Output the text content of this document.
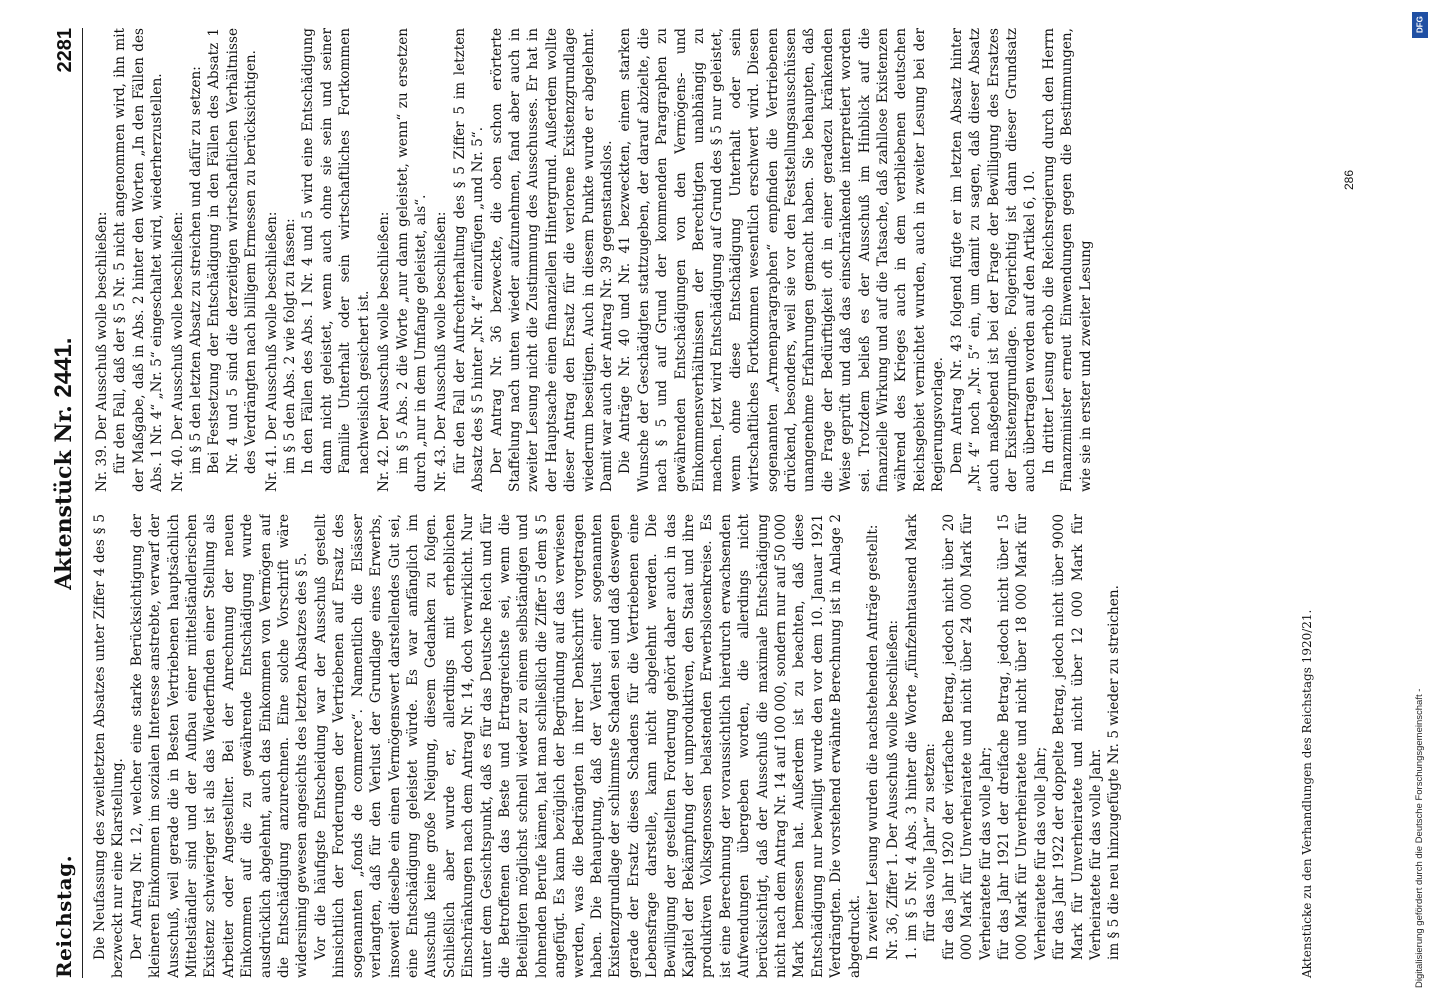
Reichstag.
Aktenstück Nr. 2441.
2281

Die Neufassung des zweitletzten Absatzes unter Ziffer 4 des § 5 bezweckt nur eine Klarstellung. Der Antrag Nr. 12, welcher eine starke Berücksichtigung der kleineren Einkommen im sozialen Interesse anstrebte, verwarf der Ausschuß, weil gerade die in Besten Vertriebenen hauptsächlich Mittelständler sind und der Aufbau einer mittelständlerischen Existenz schwieriger ist als das Wiederfinden einer Stellung als Arbeiter oder Angestellter. Bei der Anrechnung der neuen Einkommen auf die zu gewährende Entschädigung wurde ausdrücklich abgelehnt, auch das Einkommen von Vermögen auf die Entschädigung anzurechnen. Eine solche Vorschrift wäre widersinnig gewesen angesichts des letzten Absatzes des § 5. Vor die häufigste Entscheidung war der Ausschuß gestellt hinsichtlich der Forderungen der Vertriebenen auf Ersatz des sogenannten „fonds de commerce“. Namentlich die Elsässer verlangten, daß für den Verlust der Grundlage eines Erwerbs, insoweit dieselbe ein einen Vermögenswert darstellendes Gut sei, eine Entschädigung geleistet würde. Es war anfänglich im Ausschuß keine große Neigung, diesem Gedanken zu folgen. Schließlich aber wurde er, allerdings mit erheblichen Einschränkungen nach dem Antrag Nr. 14, doch verwirklicht. Nur unter dem Gesichtspunkt, daß es für das Deutsche Reich und für die Betroffenen das Beste und Ertragreichste sei, wenn die Beteiligten möglichst schnell wieder zu einem selbständigen und lohnenden Berufe kämen, hat man schließlich die Ziffer 5 dem § 5 angefügt. Es kann bezüglich der Begründung auf das verwiesen werden, was die Bedrängten in ihrer Denkschrift vorgetragen haben. Die Behauptung, daß der Verlust einer sogenannten Existenzgrundlage der schlimmste Schaden sei und daß deswegen gerade der Ersatz dieses Schadens für die Vertriebenen eine Lebensfrage darstelle, kann nicht abgelehnt werden. Die Bewilligung der gestellten Forderung gehört daher auch in das Kapitel der Bekämpfung der unproduktiven, den Staat und ihre produktiven Volksgenossen belastenden Erwerbslosenkreise. Es ist eine Berechnung der voraussichtlich hierdurch erwachsenden Aufwendungen übergeben worden, die allerdings nicht berücksichtigt, daß der Ausschuß die maximale Entschädigung nicht nach dem Antrag Nr. 14 auf 100 000, sondern nur auf 50 000 Mark bemessen hat. Außerdem ist zu beachten, daß diese Entschädigung nur bewilligt wurde den vor dem 10. Januar 1921 Verdrängten. Die vorstehend erwähnte Berechnung ist in Anlage 2 abgedruckt. In zweiter Lesung wurden die nachstehenden Anträge gestellt: Nr. 36, Ziffer 1. Der Ausschuß wolle beschließen: 1. im § 5 Nr. 4 Abs. 3 hinter die Worte „fünfzehntausend Mark für das volle Jahr“ zu setzen: für das Jahr 1920 der vierfache Betrag, jedoch nicht über 20 000 Mark für Unverheiratete und nicht über 24 000 Mark für Verheiratete für das volle Jahr; für das Jahr 1921 der dreifache Betrag, jedoch nicht über 15 000 Mark für Unverheiratete und nicht über 18 000 Mark für Verheiratete für das volle Jahr; für das Jahr 1922 der doppelte Betrag, jedoch nicht über 9000 Mark für Unverheiratete und nicht über 12 000 Mark für Verheiratete für das volle Jahr. im § 5 die neu hinzugefügte Nr. 5 wieder zu streichen.

Nr. 39. Der Ausschuß wolle beschließen: für den Fall, daß der § 5 Nr. 5 nicht angenommen wird, ihn mit der Maßgabe, daß in Abs. 2 hinter den Worten „In den Fällen des Abs. 1 Nr. 4“ „Nr. 5“ eingeschaltet wird, wiederherzustellen. Nr. 40. Der Ausschuß wolle beschließen: im § 5 den letzten Absatz zu streichen und dafür zu setzen: Bei Festsetzung der Entschädigung in den Fällen des Absatz 1 Nr. 4 und 5 sind die derzeitigen wirtschaftlichen Verhältnisse des Verdrängten nach billigem Ermessen zu berücksichtigen. Nr. 41. Der Ausschuß wolle beschließen: im § 5 den Abs. 2 wie folgt zu fassen: In den Fällen des Abs. 1 Nr. 4 und 5 wird eine Entschädigung dann nicht geleistet, wenn auch ohne sie sein und seiner Familie Unterhalt oder sein wirtschaftliches Fortkommen nachweislich gesichert ist. Nr. 42. Der Ausschuß wolle beschließen: im § 5 Abs. 2 die Worte „nur dann geleistet, wenn“ zu ersetzen durch „nur in dem Umfange geleistet, als“. Nr. 43. Der Ausschuß wolle beschließen: für den Fall der Aufrechterhaltung des § 5 Ziffer 5 im letzten Absatz des § 5 hinter „Nr. 4“ einzufügen „und Nr. 5“. Der Antrag Nr. 36 bezweckte, die oben schon erörterte Staffelung nach unten wieder aufzunehmen, fand aber auch in zweiter Lesung nicht die Zustimmung des Ausschusses. Er hat in der Hauptsache einen finanziellen Hintergrund. Außerdem wollte dieser Antrag den Ersatz für die verlorene Existenzgrundlage wiederum beseitigen. Auch in diesem Punkte wurde er abgelehnt. Damit war auch der Antrag Nr. 39 gegenstandslos. Die Anträge Nr. 40 und Nr. 41 bezweckten, einem starken Wunsche der Geschädigten stattzugeben, der darauf abzielte, die nach § 5 und auf Grund der kommenden Paragraphen zu gewährenden Entschädigungen von den Vermögens- und Einkommensverhältnissen der Berechtigten unabhängig zu machen. Jetzt wird Entschädigung auf Grund des § 5 nur geleistet, wenn ohne diese Entschädigung Unterhalt oder sein wirtschaftliches Fortkommen wesentlich erschwert wird. Diesen sogenannten „Armenparagraphen“ empfinden die Vertriebenen drückend, besonders, weil sie vor den Feststellungsausschüssen unangenehme Erfahrungen gemacht haben. Sie behaupten, daß die Frage der Bedürftigkeit oft in einer geradezu kränkenden Weise geprüft und daß das einschränkende interpretiert worden sei. Trotzdem beließ es der Ausschuß im Hinblick auf die finanzielle Wirkung und auf die Tatsache, daß zahllose Existenzen während des Krieges auch in dem verbliebenen deutschen Reichsgebiet vernichtet wurden, auch in zweiter Lesung bei der Regierungsvorlage. Dem Antrag Nr. 43 folgend fügte er im letzten Absatz hinter „Nr. 4“ noch „Nr. 5“ ein, um damit zu sagen, daß dieser Absatz auch maßgebend ist bei der Frage der Bewilligung des Ersatzes der Existenzgrundlage. Folgerichtig ist dann dieser Grundsatz auch übertragen worden auf den Artikel 6, 10. In dritter Lesung erhob die Reichsregierung durch den Herrn Finanzminister erneut Einwendungen gegen die Bestimmungen, wie sie in erster und zweiter Lesung

Aktenstücke zu den Verhandlungen des Reichstags 1920/21.
286
DFG
Digitalisierung gefördert durch die Deutsche Forschungsgemeinschaft -
